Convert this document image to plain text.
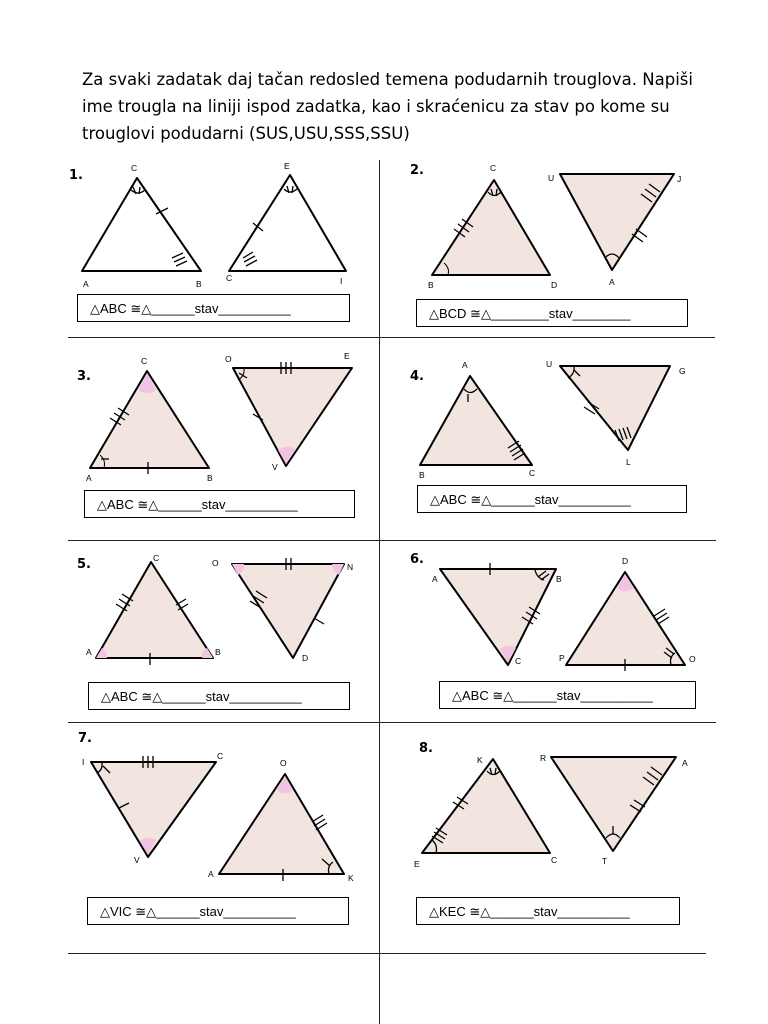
Za svaki zadatak daj tačan redosled temena podudarnih trouglova. Napiši ime trougla na liniji ispod zadatka, kao i skraćenicu za stav po kome su trouglovi podudarni (SUS,USU,SSS,SSU)
1.	2.
3.	4.
5.	6.
7.
8.
△ABC ≅△______stav__________	△BCD ≅△________stav________
△ABC ≅△______stav__________	△ABC ≅△______stav__________
△ABC ≅△______stav__________	△ABC ≅△______stav__________
△VIC ≅△______stav__________	△KEC ≅△______stav__________
C
A	B
E
C	I
C
B	D
U	J
A
C
A	B
O	E
V
A
B	C
U
G
L
C
A	B
O	N
D
A	B
C
D
P	O
I
C
V
O
A	K
K
E	C
R	A
T
